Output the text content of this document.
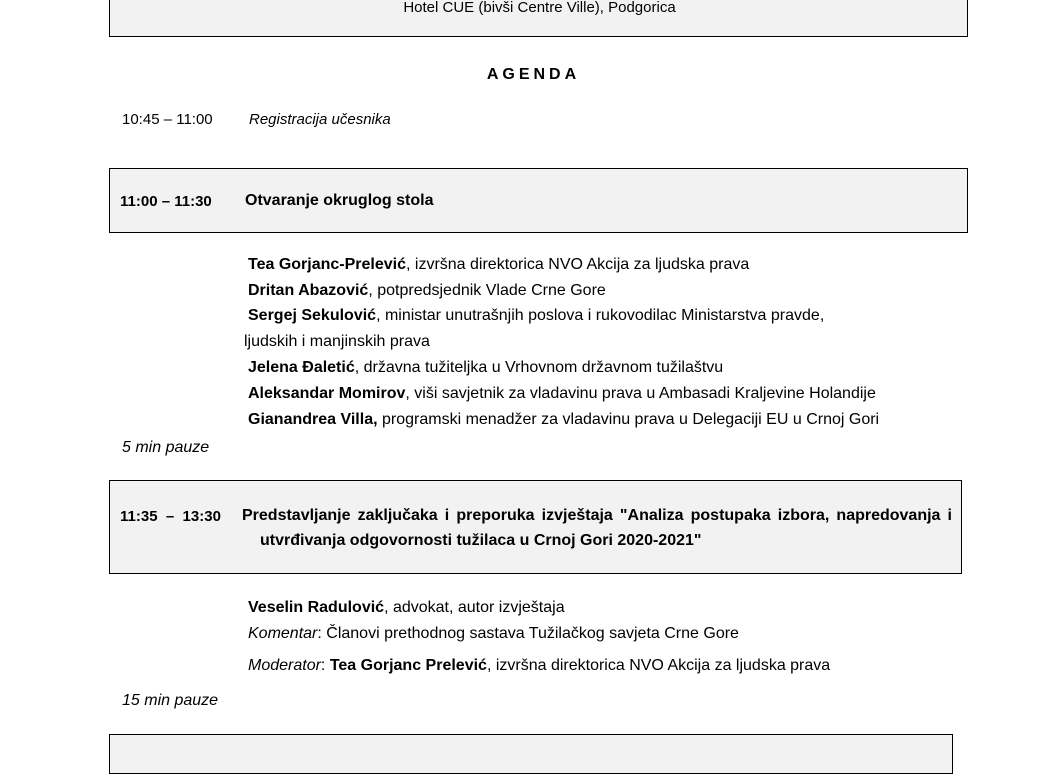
Hotel CUE (bivši Centre Ville), Podgorica
AGENDA
10:45 – 11:00 Registracija učesnika
11:00 – 11:30 Otvaranje okruglog stola
Tea Gorjanc-Prelević, izvršna direktorica NVO Akcija za ljudska prava
Dritan Abazović, potpredsjednik Vlade Crne Gore
Sergej Sekulović, ministar unutrašnjih poslova i rukovodilac Ministarstva pravde,
ljudskih i manjinskih prava
Jelena Đaletić, državna tužiteljka u Vrhovnom državnom tužilaštvu
Aleksandar Momirov, viši savjetnik za vladavinu prava u Ambasadi Kraljevine Holandije
Gianandrea Villa, programski menadžer za vladavinu prava u Delegaciji EU u Crnoj Gori
5 min pauze
11:35  –  13:30 Predstavljanje zaključaka i preporuka izvještaja "Analiza postupaka izbora, napredovanja i
utvrđivanja odgovornosti tužilaca u Crnoj Gori 2020-2021"
Veselin Radulović, advokat, autor izvještaja
Komentar: Članovi prethodnog sastava Tužilačkog savjeta Crne Gore
Moderator: Tea Gorjanc Prelević, izvršna direktorica NVO Akcija za ljudska prava
15 min pauze
